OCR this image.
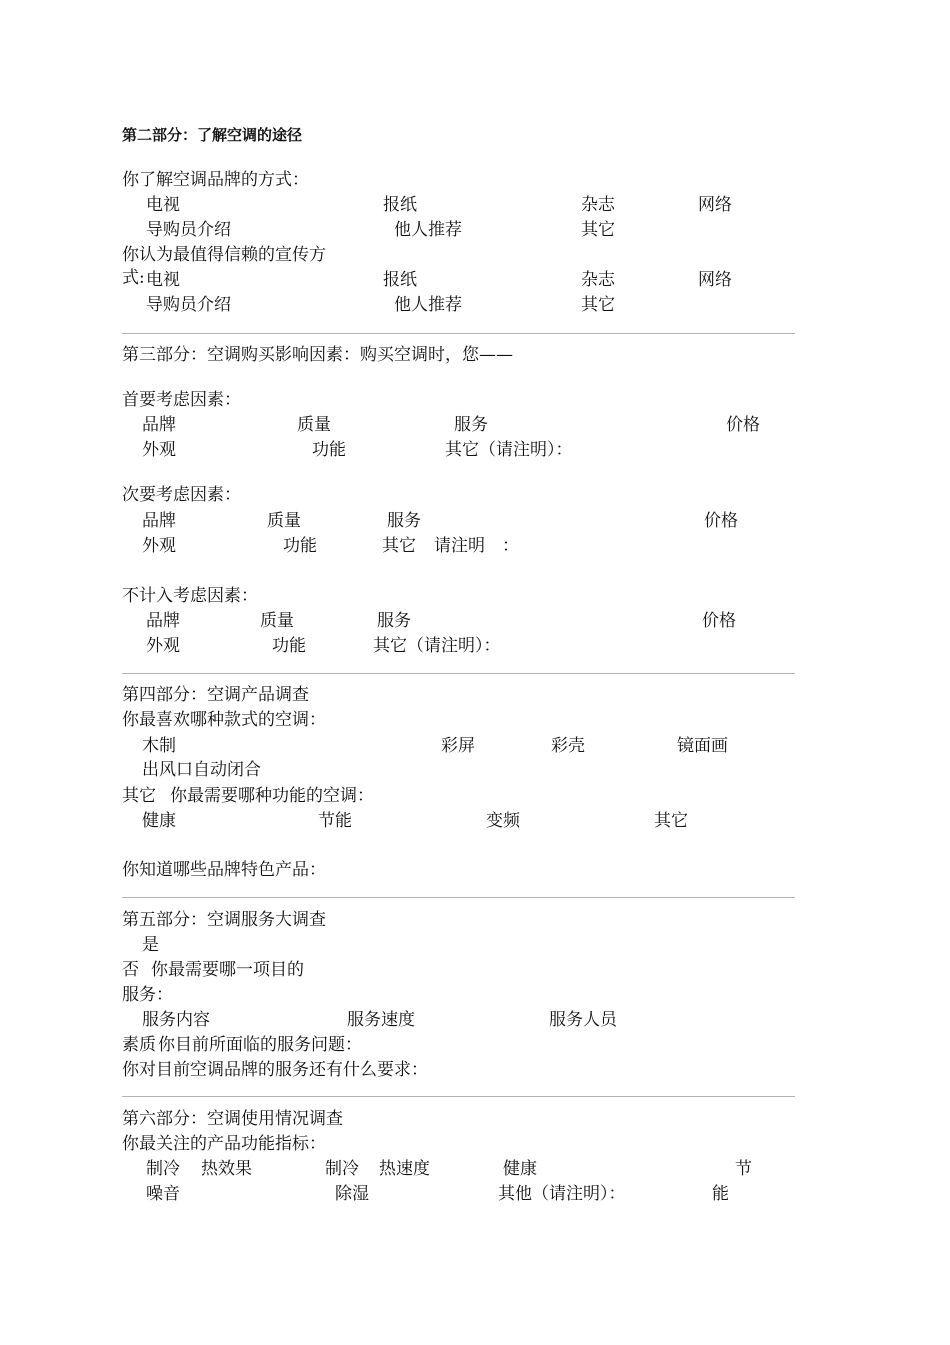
第二部分：了解空调的途径
你了解空调品牌的方式：
电视	报纸	杂志	网络
导购员介绍	他人推荐	其它
你认为最值得信赖的宣传方
式: 电视	报纸	杂志	网络
导购员介绍	他人推荐	其它
第三部分：空调购买影响因素：购买空调时，您——
首要考虑因素：
品牌	质量	服务	价格
外观	功能	其它（请注明）：
次要考虑因素：
品牌	质量	服务	价格
外观	功能	其它 请注明 ：
不计入考虑因素：
品牌	质量	服务	价格
外观	功能	其它（请注明）：
第四部分：空调产品调查
你最喜欢哪种款式的空调：
木制	彩屏	彩壳	镜面画
出风口自动闭合
其它 你最需要哪种功能的空调：
健康	节能	变频	其它
你知道哪些品牌特色产品：
第五部分：空调服务大调查
是
否 你最需要哪一项目的
服务：
服务内容	服务速度	服务人员
素质 你目前所面临的服务问题：
你对目前空调品牌的服务还有什么要求：
第六部分：空调使用情况调查
你最关注的产品功能指标：
制冷 热效果	制冷 热速度	健康	节
噪音	除湿	其他（请注明）：	能
